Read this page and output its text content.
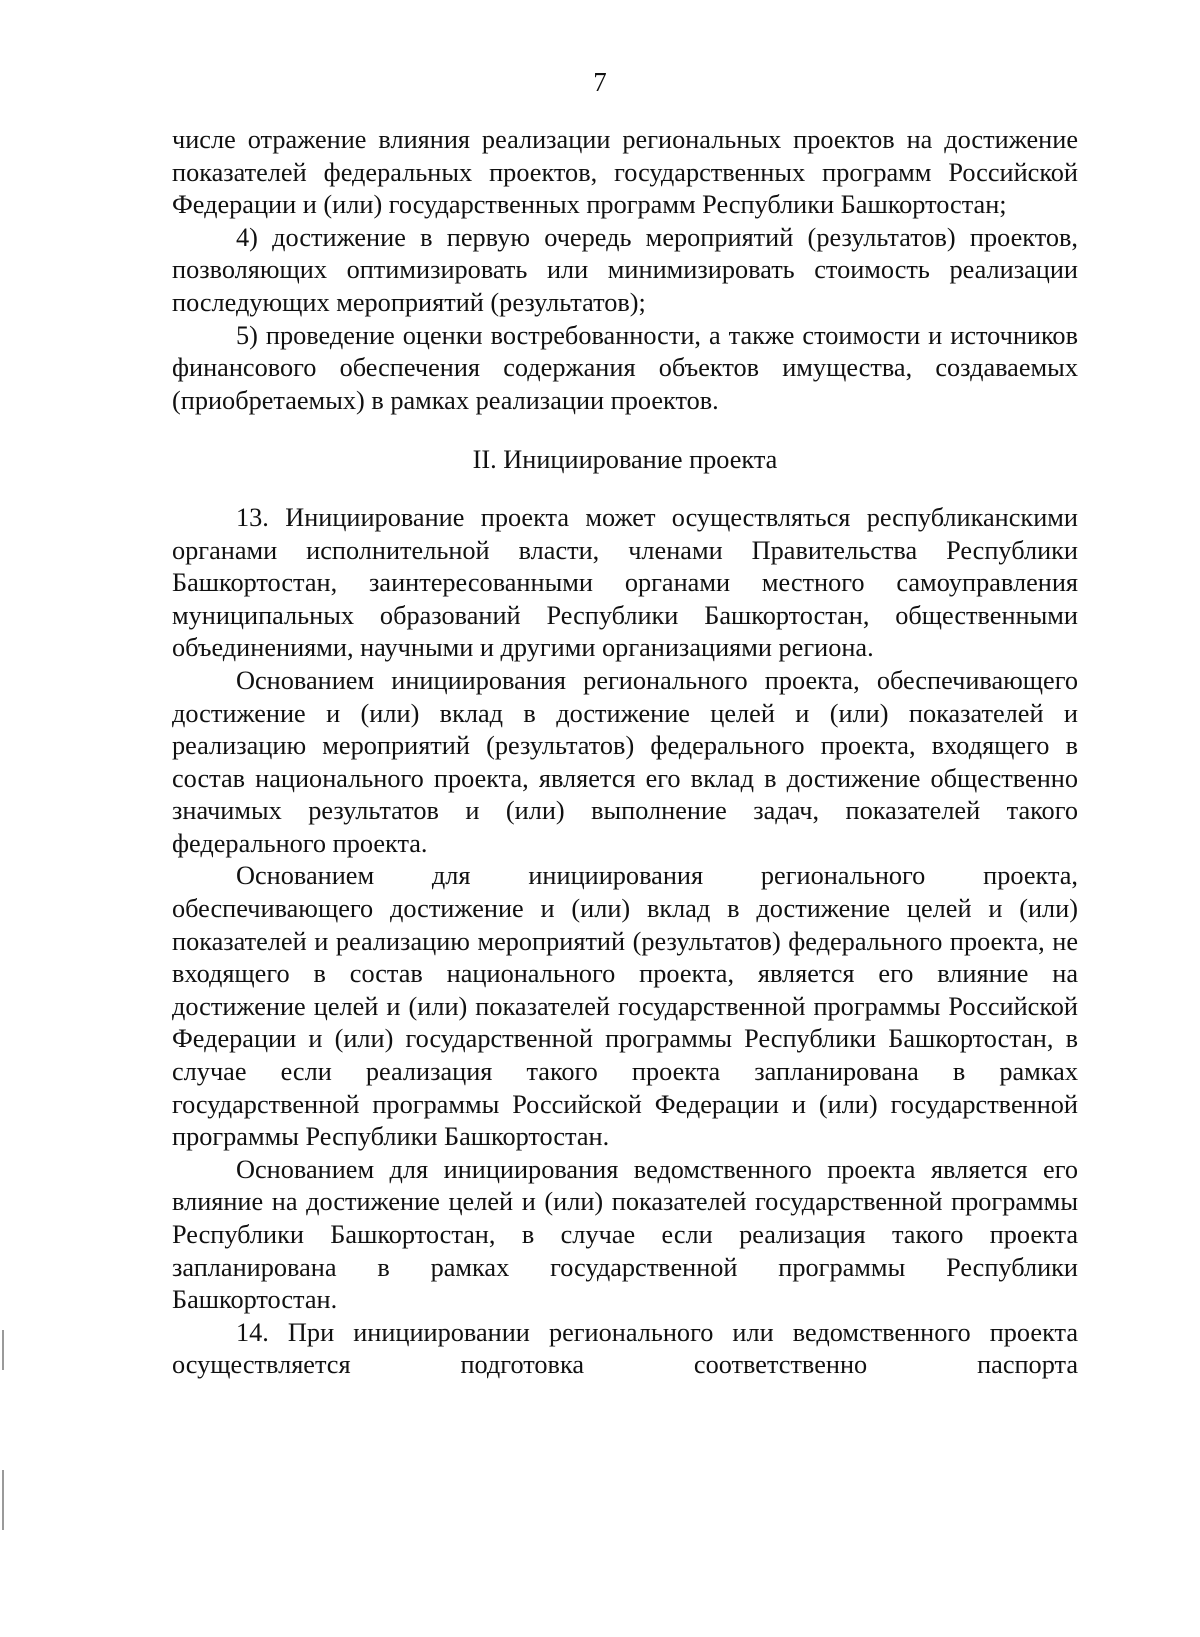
7

числе отражение влияния реализации региональных проектов на достижение показателей федеральных проектов, государственных программ Российской Федерации и (или) государственных программ Республики Башкортостан;

4) достижение в первую очередь мероприятий (результатов) проектов, позволяющих оптимизировать или минимизировать стоимость реализации последующих мероприятий (результатов);

5) проведение оценки востребованности, а также стоимости и источников финансового обеспечения содержания объектов имущества, создаваемых (приобретаемых) в рамках реализации проектов.

II. Инициирование проекта

13. Инициирование проекта может осуществляться республиканскими органами исполнительной власти, членами Правительства Республики Башкортостан, заинтересованными органами местного самоуправления муниципальных образований Республики Башкортостан, общественными объединениями, научными и другими организациями региона.

Основанием инициирования регионального проекта, обеспечивающего достижение и (или) вклад в достижение целей и (или) показателей и реализацию мероприятий (результатов) федерального проекта, входящего в состав национального проекта, является его вклад в достижение общественно значимых результатов и (или) выполнение задач, показателей такого федерального проекта.

Основанием для инициирования регионального проекта, обеспечивающего достижение и (или) вклад в достижение целей и (или) показателей и реализацию мероприятий (результатов) федерального проекта, не входящего в состав национального проекта, является его влияние на достижение целей и (или) показателей государственной программы Российской Федерации и (или) государственной программы Республики Башкортостан, в случае если реализация такого проекта запланирована в рамках государственной программы Российской Федерации и (или) государственной программы Республики Башкортостан.

Основанием для инициирования ведомственного проекта является его влияние на достижение целей и (или) показателей государственной программы Республики Башкортостан, в случае если реализация такого проекта запланирована в рамках государственной программы Республики Башкортостан.

14. При инициировании регионального или ведомственного проекта осуществляется подготовка соответственно паспорта
